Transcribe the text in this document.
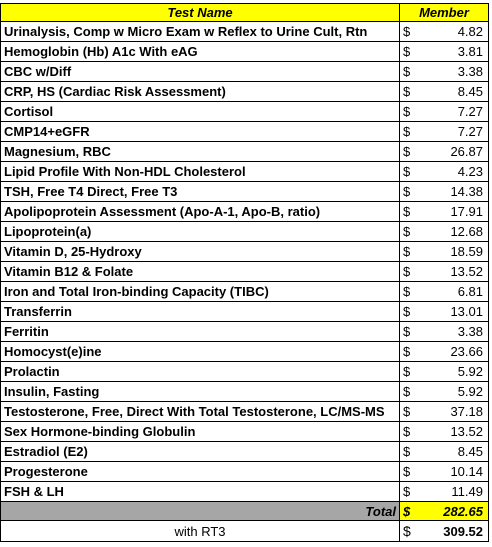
Test Name	Member	
Urinalysis, Comp w Micro Exam w Reflex to Urine Cult, Rtn	$	4.82
Hemoglobin (Hb) A1c With eAG	$	3.81
CBC w/Diff	$	3.38
CRP, HS (Cardiac Risk Assessment)	$	8.45
Cortisol	$	7.27
CMP14+eGFR	$	7.27
Magnesium, RBC	$	26.87
Lipid Profile With Non-HDL Cholesterol	$	4.23
TSH, Free T4 Direct, Free T3	$	14.38
Apolipoprotein Assessment (Apo-A-1, Apo-B, ratio)	$	17.91
Lipoprotein(a)	$	12.68
Vitamin D, 25-Hydroxy	$	18.59
Vitamin B12 & Folate	$	13.52
Iron and Total Iron-binding Capacity (TIBC)	$	6.81
Transferrin	$	13.01
Ferritin	$	3.38
Homocyst(e)ine	$	23.66
Prolactin	$	5.92
Insulin, Fasting	$	5.92
Testosterone, Free, Direct With Total Testosterone, LC/MS-MS	$	37.18
Sex Hormone-binding Globulin	$	13.52
Estradiol (E2)	$	8.45
Progesterone	$	10.14
FSH & LH	$	11.49
Total	$	282.65
with RT3	$	309.52
